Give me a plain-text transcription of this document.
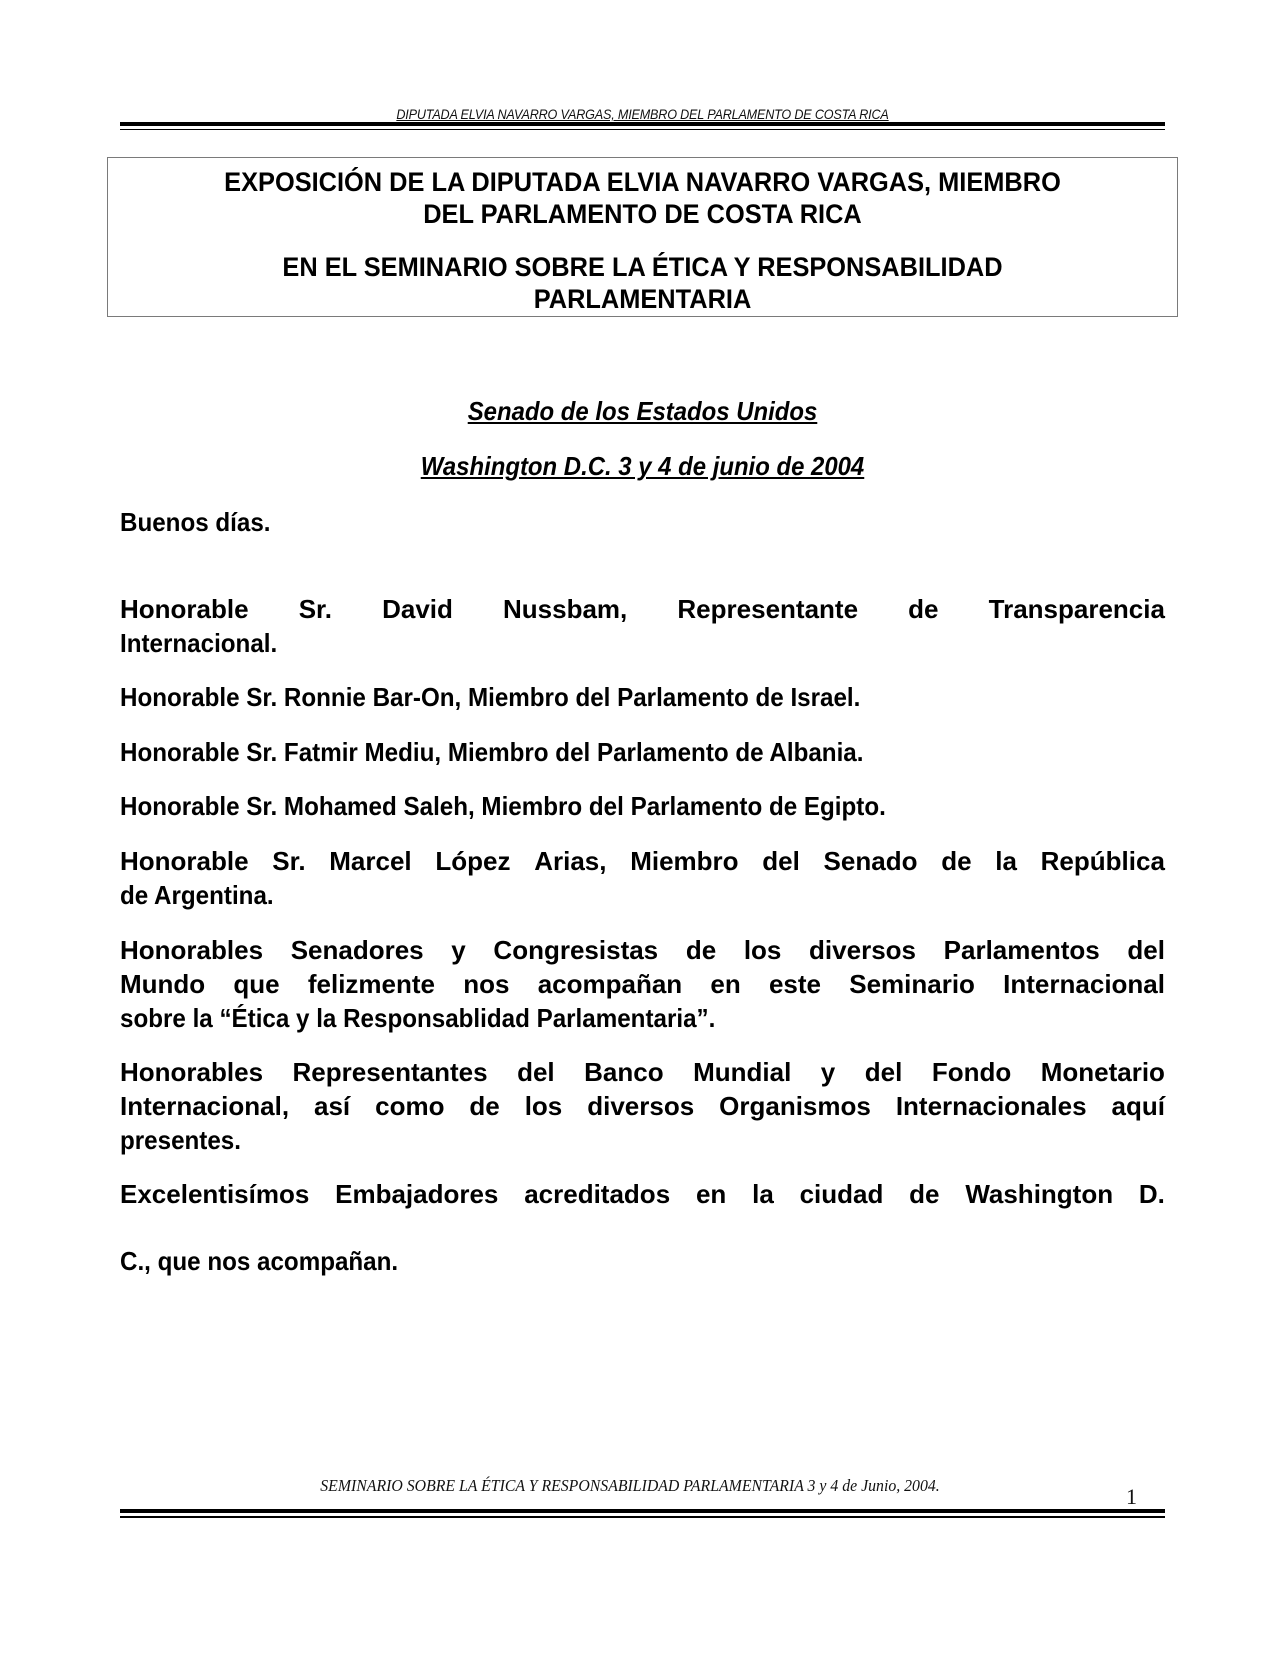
DIPUTADA ELVIA NAVARRO VARGAS, MIEMBRO DEL PARLAMENTO DE COSTA RICA
EXPOSICIÓN DE LA DIPUTADA ELVIA NAVARRO VARGAS, MIEMBRO
DEL PARLAMENTO DE COSTA RICA
EN EL SEMINARIO SOBRE LA ÉTICA Y RESPONSABILIDAD
PARLAMENTARIA
Senado de los Estados Unidos
Washington D.C. 3 y 4 de junio de 2004
Buenos días.
Honorable Sr. David Nussbam, Representante de Transparencia
Internacional.
Honorable Sr. Ronnie Bar-On, Miembro del Parlamento de Israel.
Honorable Sr. Fatmir Mediu, Miembro del Parlamento de Albania.
Honorable Sr. Mohamed Saleh, Miembro del Parlamento de Egipto.
Honorable Sr. Marcel López Arias, Miembro del Senado de la República
de Argentina.
Honorables Senadores y Congresistas de los diversos Parlamentos del
Mundo que felizmente nos acompañan en este Seminario Internacional
sobre la “Ética y la Responsablidad Parlamentaria”.
Honorables Representantes del Banco Mundial y del Fondo Monetario
Internacional, así como de los diversos Organismos Internacionales aquí
presentes.
Excelentisímos Embajadores acreditados en la ciudad de Washington D.
C., que nos acompañan.
SEMINARIO SOBRE LA ÉTICA Y RESPONSABILIDAD PARLAMENTARIA 3 y 4 de Junio, 2004.	1
